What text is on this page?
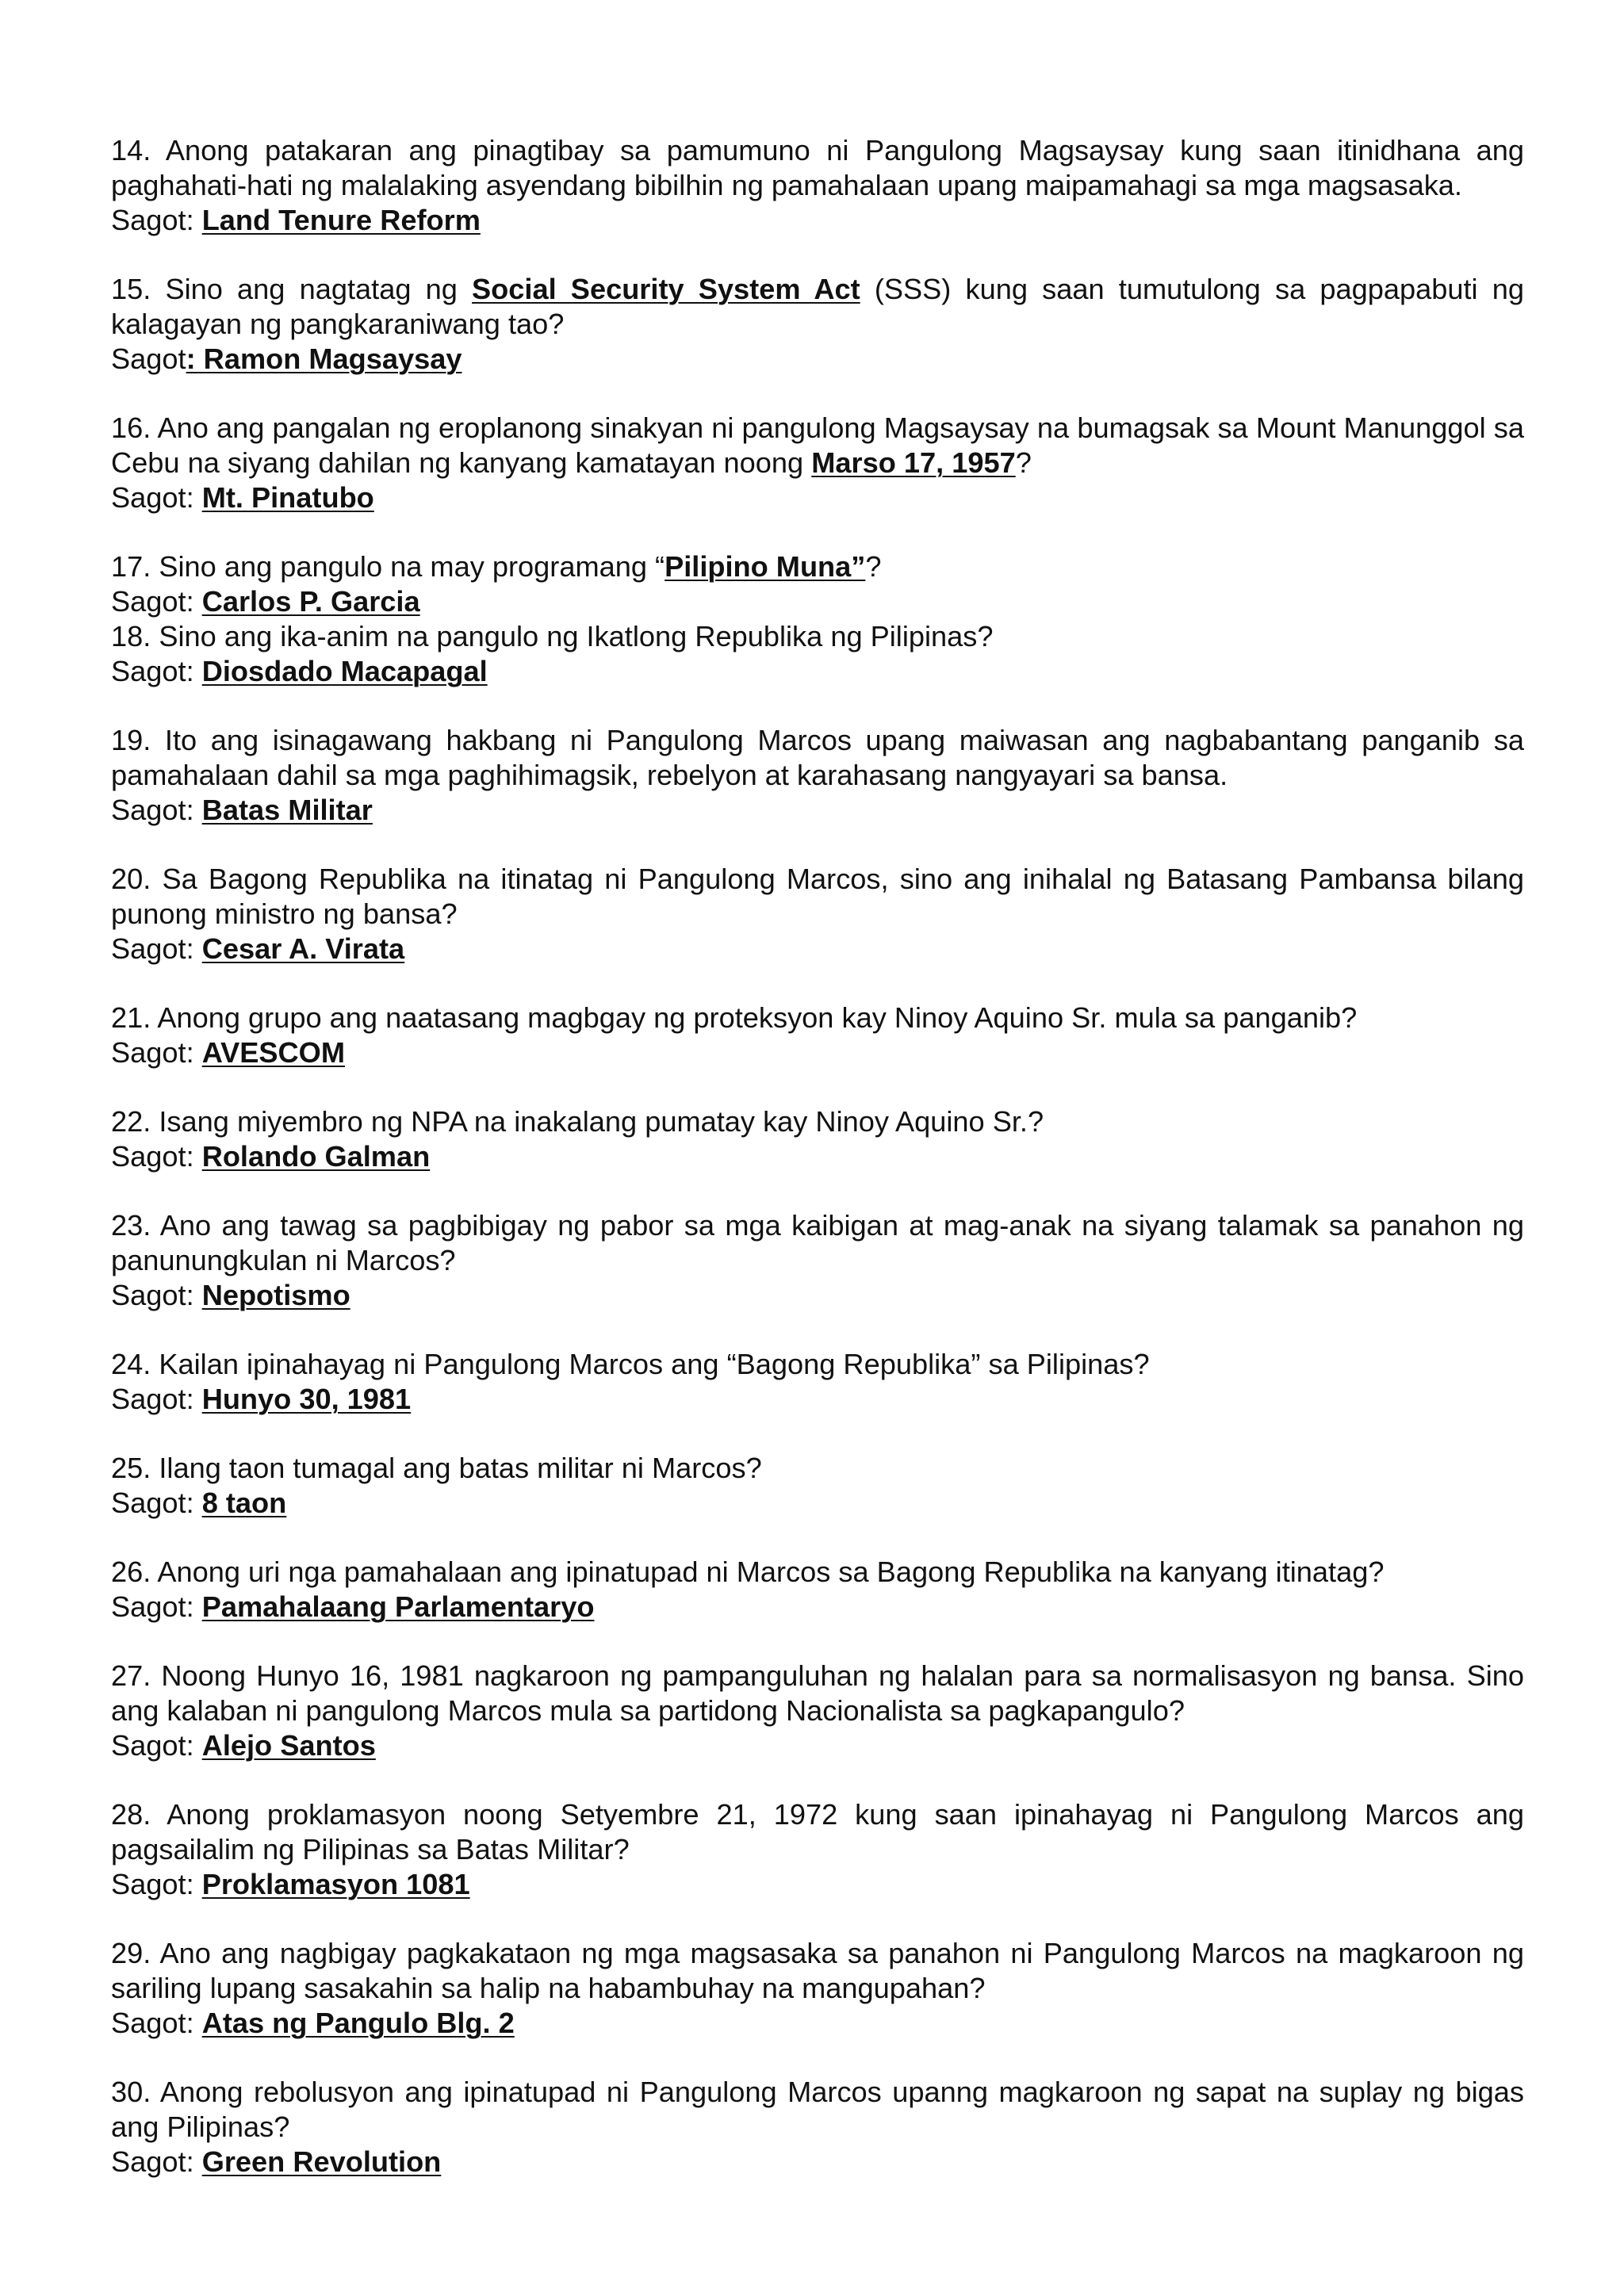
14. Anong patakaran ang pinagtibay sa pamumuno ni Pangulong Magsaysay kung saan itinidhana ang paghahati-hati ng malalaking asyendang bibilhin ng pamahalaan upang maipamahagi sa mga magsasaka.

Sagot: Land Tenure Reform

15. Sino ang nagtatag ng Social Security System Act (SSS) kung saan tumutulong sa pagpapabuti ng kalagayan ng pangkaraniwang tao?

Sagot: Ramon Magsaysay

16. Ano ang pangalan ng eroplanong sinakyan ni pangulong Magsaysay na bumagsak sa Mount Manunggol sa Cebu na siyang dahilan ng kanyang kamatayan noong Marso 17, 1957?

Sagot: Mt. Pinatubo

17. Sino ang pangulo na may programang “Pilipino Muna”?

Sagot: Carlos P. Garcia

18. Sino ang ika-anim na pangulo ng Ikatlong Republika ng Pilipinas?

Sagot: Diosdado Macapagal

19. Ito ang isinagawang hakbang ni Pangulong Marcos upang maiwasan ang nagbabantang panganib sa pamahalaan dahil sa mga paghihimagsik, rebelyon at karahasang nangyayari sa bansa.

Sagot: Batas Militar

20. Sa Bagong Republika na itinatag ni Pangulong Marcos, sino ang inihalal ng Batasang Pambansa bilang punong ministro ng bansa?

Sagot: Cesar A. Virata

21. Anong grupo ang naatasang magbgay ng proteksyon kay Ninoy Aquino Sr. mula sa panganib?

Sagot: AVESCOM

22. Isang miyembro ng NPA na inakalang pumatay kay Ninoy Aquino Sr.?

Sagot: Rolando Galman

23. Ano ang tawag sa pagbibigay ng pabor sa mga kaibigan at mag-anak na siyang talamak sa panahon ng panunungkulan ni Marcos?

Sagot: Nepotismo

24. Kailan ipinahayag ni Pangulong Marcos ang “Bagong Republika” sa Pilipinas?

Sagot: Hunyo 30, 1981

25. Ilang taon tumagal ang batas militar ni Marcos?

Sagot: 8 taon

26. Anong uri nga pamahalaan ang ipinatupad ni Marcos sa Bagong Republika na kanyang itinatag?

Sagot: Pamahalaang Parlamentaryo

27. Noong Hunyo 16, 1981 nagkaroon ng pampanguluhan ng halalan para sa normalisasyon ng bansa. Sino ang kalaban ni pangulong Marcos mula sa partidong Nacionalista sa pagkapangulo?

Sagot: Alejo Santos

28. Anong proklamasyon noong Setyembre 21, 1972 kung saan ipinahayag ni Pangulong Marcos ang pagsailalim ng Pilipinas sa Batas Militar?

Sagot: Proklamasyon 1081

29. Ano ang nagbigay pagkakataon ng mga magsasaka sa panahon ni Pangulong Marcos na magkaroon ng sariling lupang sasakahin sa halip na habambuhay na mangupahan?

Sagot: Atas ng Pangulo Blg. 2

30. Anong rebolusyon ang ipinatupad ni Pangulong Marcos upanng magkaroon ng sapat na suplay ng bigas ang Pilipinas?

Sagot: Green Revolution
